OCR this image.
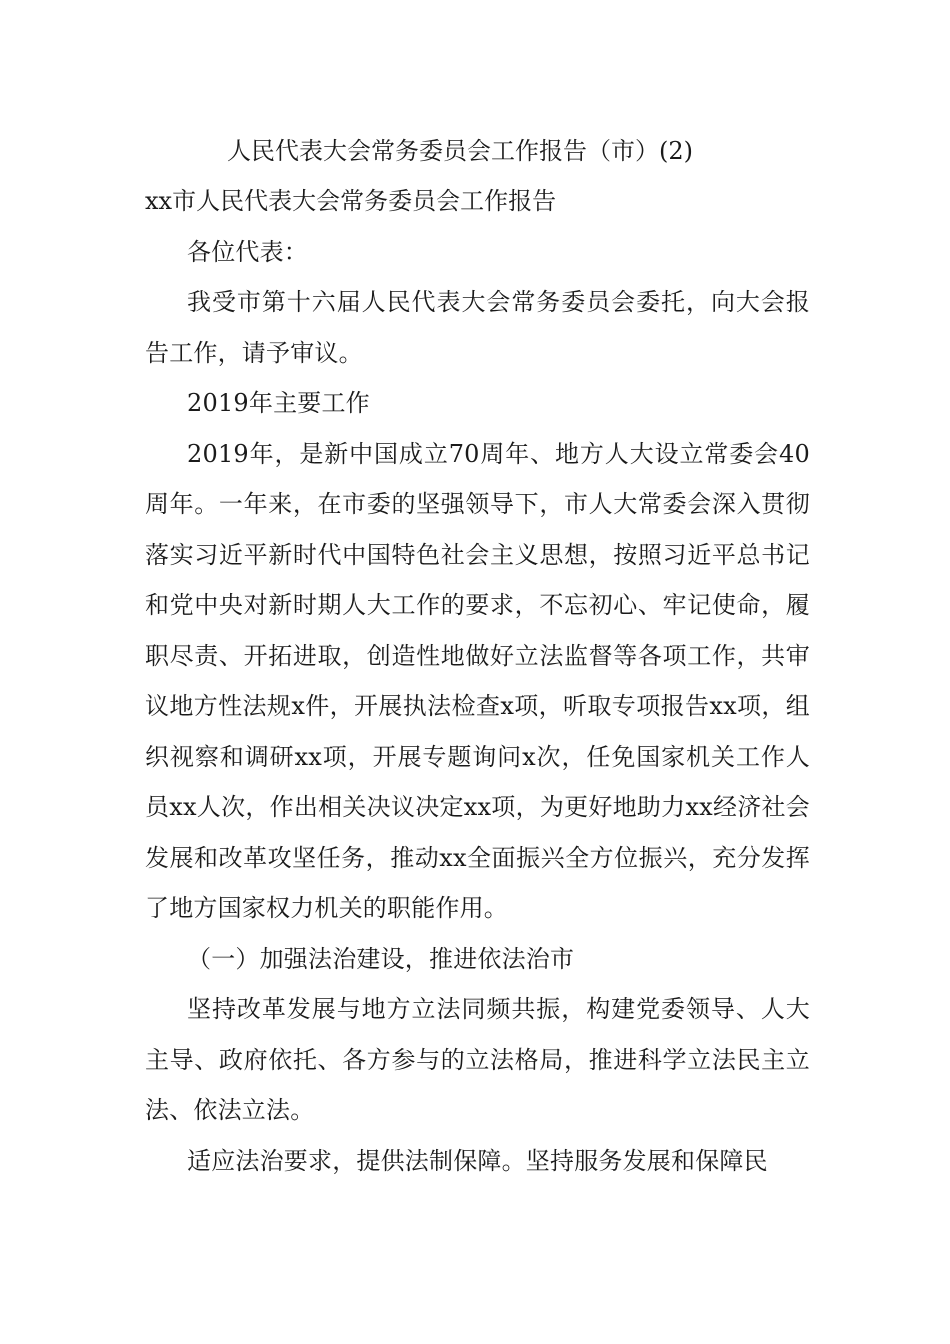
人民代表大会常务委员会工作报告（市）(2)

xx市人民代表大会常务委员会工作报告

各位代表：

我受市第十六届人民代表大会常务委员会委托，向大会报告工作，请予审议。

2019年主要工作

2019年，是新中国成立70周年、地方人大设立常委会40周年。一年来，在市委的坚强领导下，市人大常委会深入贯彻落实习近平新时代中国特色社会主义思想，按照习近平总书记和党中央对新时期人大工作的要求，不忘初心、牢记使命，履职尽责、开拓进取，创造性地做好立法监督等各项工作，共审议地方性法规x件，开展执法检查x项，听取专项报告xx项，组织视察和调研xx项，开展专题询问x次，任免国家机关工作人员xx人次，作出相关决议决定xx项，为更好地助力xx经济社会发展和改革攻坚任务，推动xx全面振兴全方位振兴，充分发挥了地方国家权力机关的职能作用。

（一）加强法治建设，推进依法治市

坚持改革发展与地方立法同频共振，构建党委领导、人大主导、政府依托、各方参与的立法格局，推进科学立法民主立法、依法立法。

适应法治要求，提供法制保障。坚持服务发展和保障民
